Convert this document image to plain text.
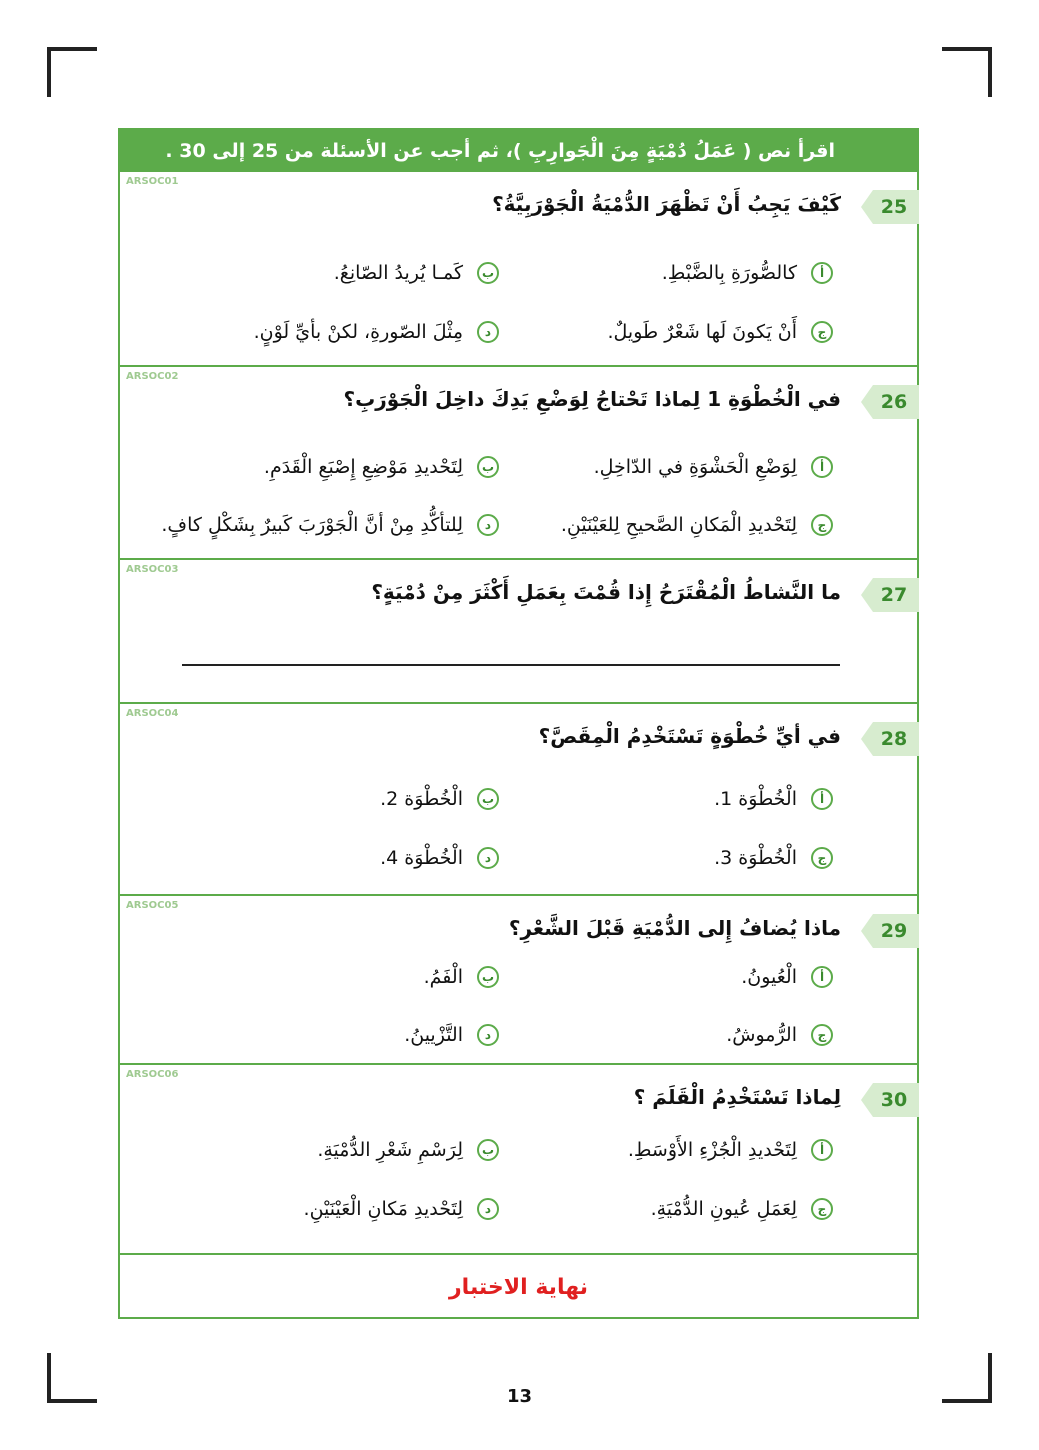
اقرأ نص ( عَمَلُ دُمْيَةٍ مِنَ الْجَوارِبِ )، ثم أجب عن الأسئلة من 25 إلى 30 .
ARSOC01
25
كَيْفَ يَجِبُ أَنْ تَظْهَرَ الدُّمْيَةُ الْجَوْرَبِيَّةُ؟
أ
كالصُّورَةِ بِالضَّبْطِ.
ب
كَمـا يُريدُ الصّانِعُ.
ج
أَنْ يَكونَ لَها شَعْرٌ طَويلٌ.
د
مِثْلَ الصّورةِ، لكنْ بأيِّ لَوْنٍ.
ARSOC02
26
في الْخُطْوَةِ 1 لِماذا تَحْتاجُ لِوَضْعِ يَدِكَ داخِلَ الْجَوْرَبِ؟
أ
لِوَضْعِ الْحَشْوَةِ في الدّاخِلِ.
ب
لِتَحْديدِ مَوْضِعِ إِصْبَعِ الْقَدَمِ.
ج
لِتَحْديدِ الْمَكانِ الصَّحيحِ لِلعَيْنَيْنِ.
د
لِلتأكُّدِ مِنْ أنَّ الْجَوْرَبَ كَبيرٌ بِشَكْلٍ كافٍ.
ARSOC03
27
ما النَّشاطُ الْمُقْتَرَحُ إِذا قُمْتَ بِعَمَلِ أَكْثَرَ مِنْ دُمْيَةٍ؟
ARSOC04
28
في أيِّ خُطْوَةٍ تَسْتَخْدِمُ الْمِقَصَّ؟
أ
الْخُطْوَة 1.
ب
الْخُطْوَة 2.
ج
الْخُطْوَة 3.
د
الْخُطْوَة 4.
ARSOC05
29
ماذا يُضافُ إِلى الدُّمْيَةِ قَبْلَ الشَّعْرِ؟
أ
الْعُيونُ.
ب
الْفَمُ.
ج
الرُّموشُ.
د
التَّزْيينُ.
ARSOC06
30
لِماذا تَسْتَخْدِمُ الْقَلَمَ ؟
أ
لِتَحْديدِ الْجُزْءِ الأَوْسَطِ.
ب
لِرَسْمِ شَعْرِ الدُّمْيَةِ.
ج
لِعَمَلِ عُيونِ الدُّمْيَةِ.
د
لِتَحْديدِ مَكانِ الْعَيْنَيْنِ.
نهاية الاختبار
13
